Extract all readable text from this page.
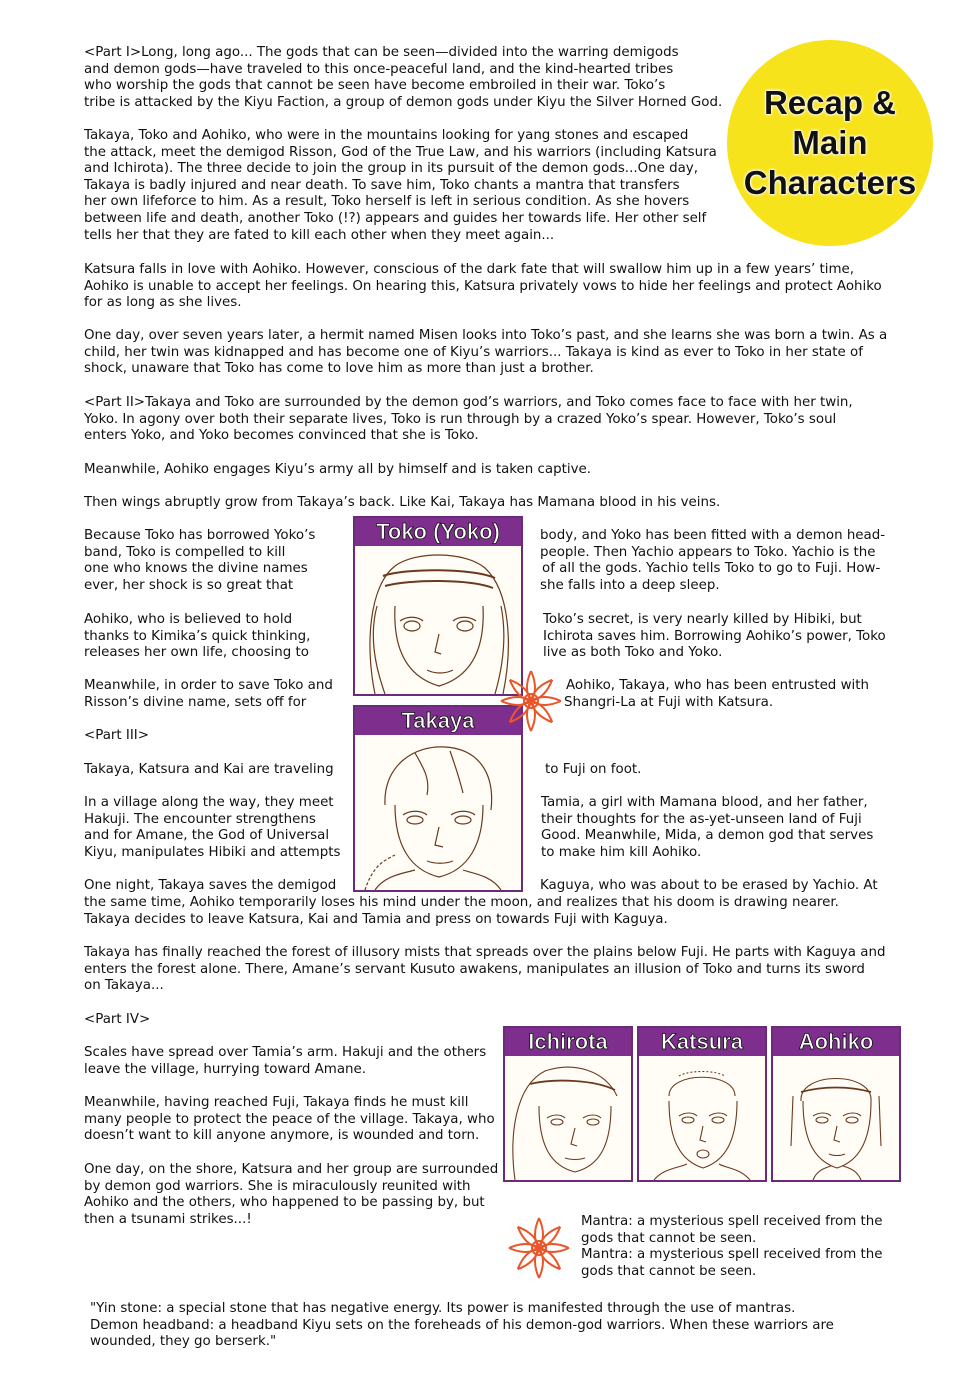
Recap &
Main
Characters
<Part I>Long, long ago... The gods that can be seen—divided into the warring demigods
and demon gods—have traveled to this once-peaceful land, and the kind-hearted tribes
who worship the gods that cannot be seen have become embroiled in their war. Toko’s
tribe is attacked by the Kiyu Faction, a group of demon gods under Kiyu the Silver Horned God.
Takaya, Toko and Aohiko, who were in the mountains looking for yang stones and escaped
the attack, meet the demigod Risson, God of the True Law, and his warriors (including Katsura
and Ichirota). The three decide to join the group in its pursuit of the demon gods...One day,
Takaya is badly injured and near death. To save him, Toko chants a mantra that transfers
her own lifeforce to him. As a result, Toko herself is left in serious condition. As she hovers
between life and death, another Toko (!?) appears and guides her towards life. Her other self
tells her that they are fated to kill each other when they meet again...
Katsura falls in love with Aohiko. However, conscious of the dark fate that will swallow him up in a few years’ time,
Aohiko is unable to accept her feelings. On hearing this, Katsura privately vows to hide her feelings and protect Aohiko
for as long as she lives.
One day, over seven years later, a hermit named Misen looks into Toko’s past, and she learns she was born a twin. As a
child, her twin was kidnapped and has become one of Kiyu’s warriors... Takaya is kind as ever to Toko in her state of
shock, unaware that Toko has come to love him as more than just a brother.
<Part II>Takaya and Toko are surrounded by the demon god’s warriors, and Toko comes face to face with her twin,
Yoko. In agony over both their separate lives, Toko is run through by a crazed Yoko’s spear. However, Toko’s soul
enters Yoko, and Yoko becomes convinced that she is Toko.
Meanwhile, Aohiko engages Kiyu’s army all by himself and is taken captive.
Then wings abruptly grow from Takaya’s back. Like Kai, Takaya has Mamana blood in his veins.
Because Toko has borrowed Yoko’s
band, Toko is compelled to kill
one who knows the divine names
ever, her shock is so great that
body, and Yoko has been fitted with a demon head-
people. Then Yachio appears to Toko. Yachio is the
of all the gods. Yachio tells Toko to go to Fuji. How-
she falls into a deep sleep.
Aohiko, who is believed to hold
thanks to Kimika’s quick thinking,
releases her own life, choosing to
Toko’s secret, is very nearly killed by Hibiki, but
Ichirota saves him. Borrowing Aohiko’s power, Toko
live as both Toko and Yoko.
Meanwhile, in order to save Toko and
Risson’s divine name, sets off for
Aohiko, Takaya, who has been entrusted with
Shangri-La at Fuji with Katsura.
<Part III>
Takaya, Katsura and Kai are traveling	to Fuji on foot.
In a village along the way, they meet
Hakuji. The encounter strengthens
and for Amane, the God of Universal
Kiyu, manipulates Hibiki and attempts
Tamia, a girl with Mamana blood, and her father,
their thoughts for the as-yet-unseen land of Fuji
Good. Meanwhile, Mida, a demon god that serves
to make him kill Aohiko.
One night, Takaya saves the demigod	Kaguya, who was about to be erased by Yachio. At
the same time, Aohiko temporarily loses his mind under the moon, and realizes that his doom is drawing nearer.
Takaya decides to leave Katsura, Kai and Tamia and press on towards Fuji with Kaguya.
Takaya has finally reached the forest of illusory mists that spreads over the plains below Fuji. He parts with Kaguya and
enters the forest alone. There, Amane’s servant Kusuto awakens, manipulates an illusion of Toko and turns its sword
on Takaya...
<Part IV>
Scales have spread over Tamia’s arm. Hakuji and the others
leave the village, hurrying toward Amane.
Meanwhile, having reached Fuji, Takaya finds he must kill
many people to protect the peace of the village. Takaya, who
doesn’t want to kill anyone anymore, is wounded and torn.
One day, on the shore, Katsura and her group are surrounded
by demon god warriors. She is miraculously reunited with
Aohiko and the others, who happened to be passing by, but
then a tsunami strikes...!
Toko (Yoko)
Takaya
Ichirota	Katsura	Aohiko
Mantra: a mysterious spell received from the
gods that cannot be seen.
Mantra: a mysterious spell received from the
gods that cannot be seen.
"Yin stone: a special stone that has negative energy. Its power is manifested through the use of mantras.
Demon headband: a headband Kiyu sets on the foreheads of his demon-god warriors. When these warriors are
wounded, they go berserk."
